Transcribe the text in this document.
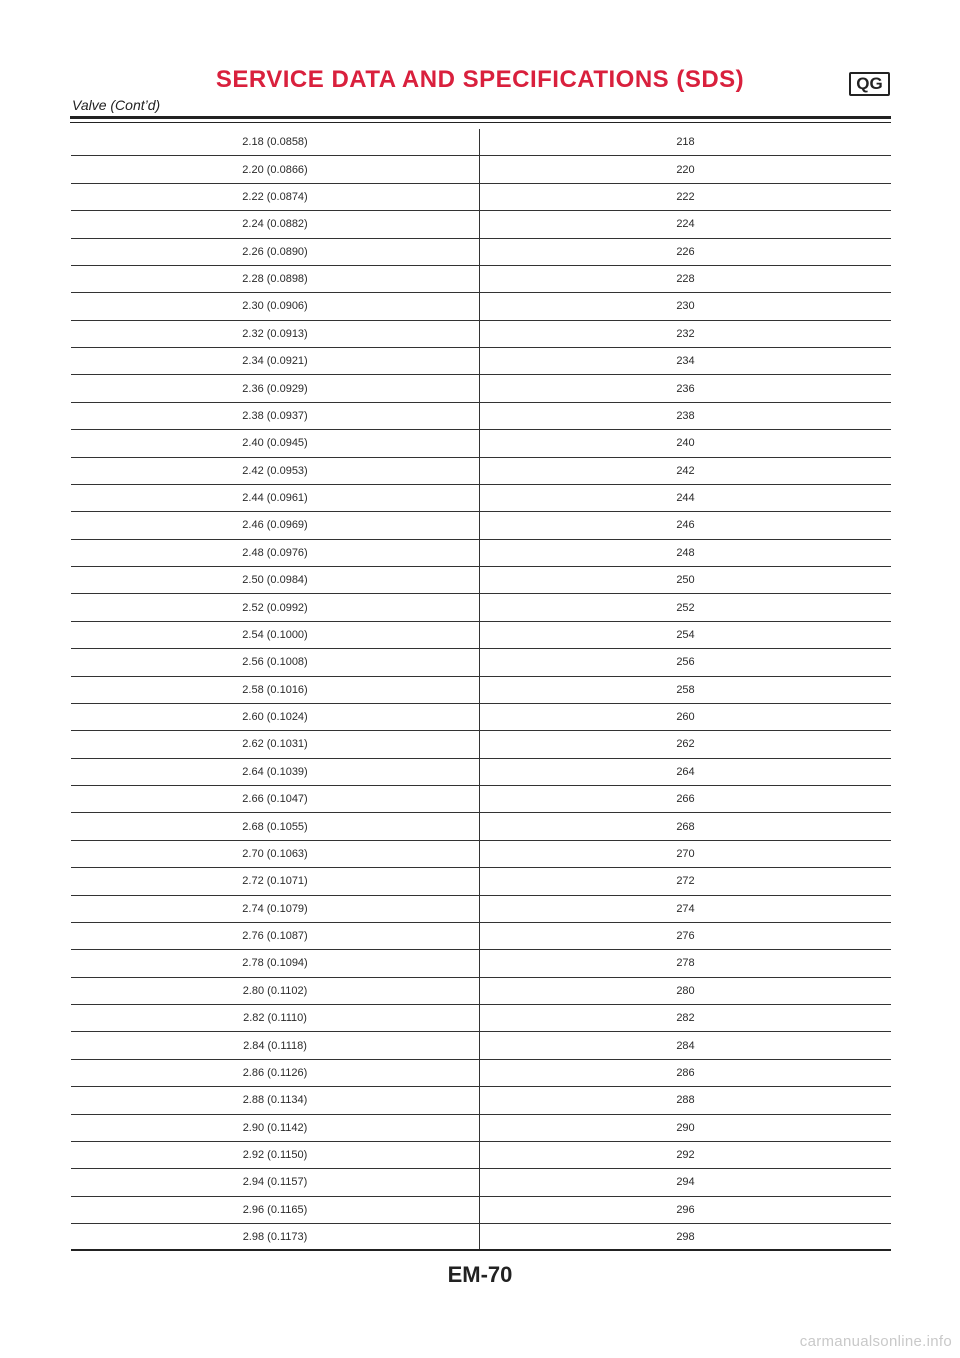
SERVICE DATA AND SPECIFICATIONS (SDS)	QG
Valve (Cont’d)
2.18 (0.0858)	218
2.20 (0.0866)	220
2.22 (0.0874)	222
2.24 (0.0882)	224
2.26 (0.0890)	226
2.28 (0.0898)	228
2.30 (0.0906)	230
2.32 (0.0913)	232
2.34 (0.0921)	234
2.36 (0.0929)	236
2.38 (0.0937)	238
2.40 (0.0945)	240
2.42 (0.0953)	242
2.44 (0.0961)	244
2.46 (0.0969)	246
2.48 (0.0976)	248
2.50 (0.0984)	250
2.52 (0.0992)	252
2.54 (0.1000)	254
2.56 (0.1008)	256
2.58 (0.1016)	258
2.60 (0.1024)	260
2.62 (0.1031)	262
2.64 (0.1039)	264
2.66 (0.1047)	266
2.68 (0.1055)	268
2.70 (0.1063)	270
2.72 (0.1071)	272
2.74 (0.1079)	274
2.76 (0.1087)	276
2.78 (0.1094)	278
2.80 (0.1102)	280
2.82 (0.1110)	282
2.84 (0.1118)	284
2.86 (0.1126)	286
2.88 (0.1134)	288
2.90 (0.1142)	290
2.92 (0.1150)	292
2.94 (0.1157)	294
2.96 (0.1165)	296
2.98 (0.1173)	298
EM-70
carmanualsonline.info
